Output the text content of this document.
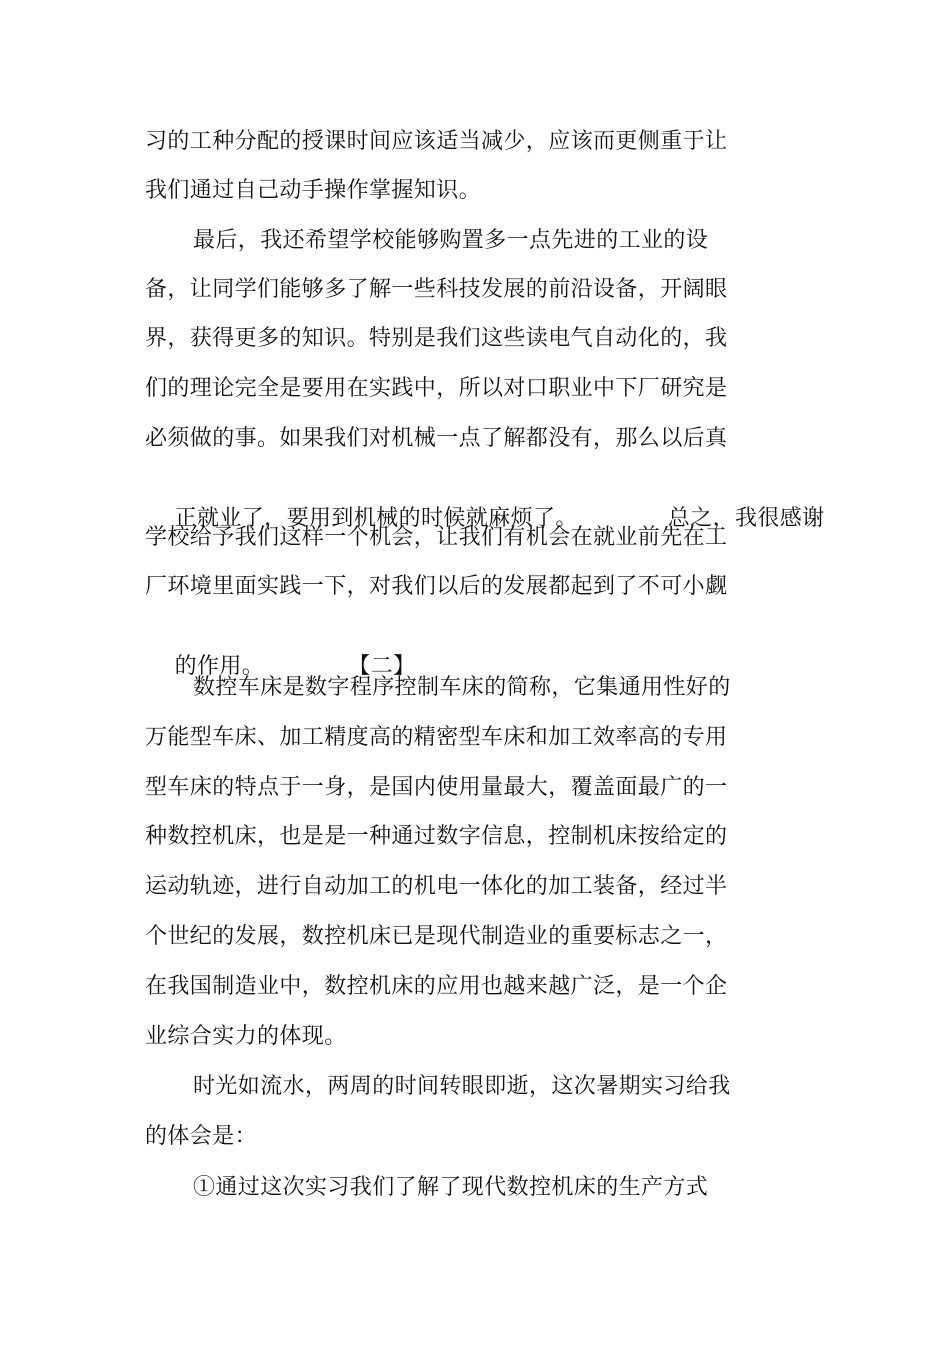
习的工种分配的授课时间应该适当减少，应该而更侧重于让
我们通过自己动手操作掌握知识。
最后，我还希望学校能够购置多一点先进的工业的设
备，让同学们能够多了解一些科技发展的前沿设备，开阔眼
界，获得更多的知识。特别是我们这些读电气自动化的，我
们的理论完全是要用在实践中，所以对口职业中下厂研究是
必须做的事。如果我们对机械一点了解都没有，那么以后真

正就业了，要用到机械的时候就麻烦了。	总之，我很感谢

学校给予我们这样一个机会，让我们有机会在就业前先在工
厂环境里面实践一下，对我们以后的发展都起到了不可小觑

的作用。	【二】

数控车床是数字程序控制车床的简称，它集通用性好的
万能型车床、加工精度高的精密型车床和加工效率高的专用
型车床的特点于一身，是国内使用量最大，覆盖面最广的一
种数控机床，也是是一种通过数字信息，控制机床按给定的
运动轨迹，进行自动加工的机电一体化的加工装备，经过半
个世纪的发展，数控机床已是现代制造业的重要标志之一，
在我国制造业中，数控机床的应用也越来越广泛，是一个企
业综合实力的体现。
时光如流水，两周的时间转眼即逝，这次暑期实习给我
的体会是：
①通过这次实习我们了解了现代数控机床的生产方式
